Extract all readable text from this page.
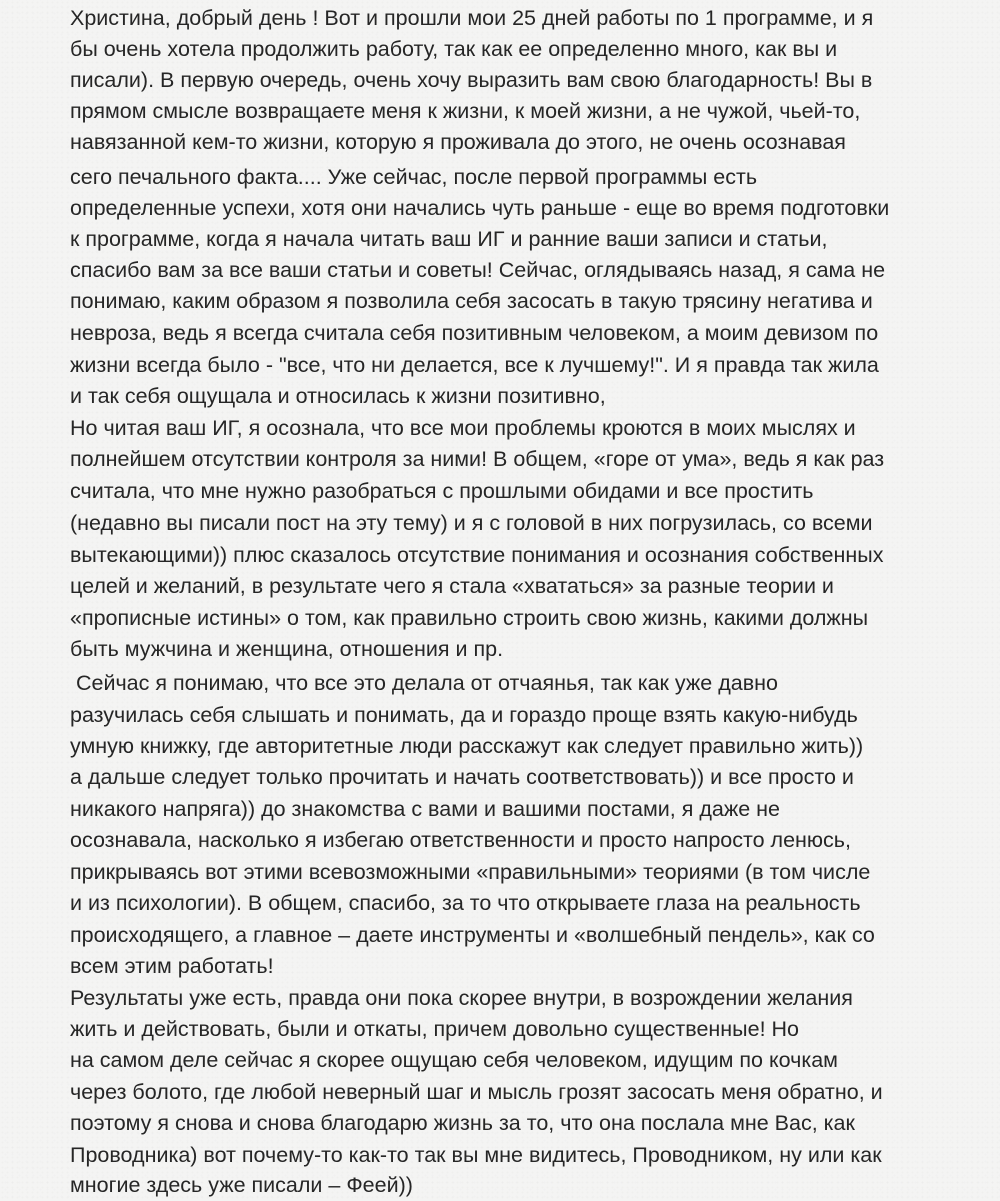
Христина, добрый день ! Вот и прошли мои 25 дней работы по 1 программе, и я
бы очень хотела продолжить работу, так как ее определенно много, как вы и
писали). В первую очередь, очень хочу выразить вам свою благодарность! Вы в
прямом смысле возвращаете меня к жизни, к моей жизни, а не чужой, чьей-то,
навязанной кем-то жизни, которую я проживала до этого, не очень осознавая
сего печального факта.... Уже сейчас, после первой программы есть
определенные успехи, хотя они начались чуть раньше - еще во время подготовки
к программе, когда я начала читать ваш ИГ и ранние ваши записи и статьи,
спасибо вам за все ваши статьи и советы! Сейчас, оглядываясь назад, я сама не
понимаю, каким образом я позволила себя засосать в такую трясину негатива и
невроза, ведь я всегда считала себя позитивным человеком, а моим девизом по
жизни всегда было - "все, что ни делается, все к лучшему!". И я правда так жила
и так себя ощущала и относилась к жизни позитивно,
Но читая ваш ИГ, я осознала, что все мои проблемы кроются в моих мыслях и
полнейшем отсутствии контроля за ними! В общем, «горе от ума», ведь я как раз
считала, что мне нужно разобраться с прошлыми обидами и все простить
(недавно вы писали пост на эту тему) и я с головой в них погрузилась, со всеми
вытекающими)) плюс сказалось отсутствие понимания и осознания собственных
целей и желаний, в результате чего я стала «хвататься» за разные теории и
«прописные истины» о том, как правильно строить свою жизнь, какими должны
быть мужчина и женщина, отношения и пр.
Сейчас я понимаю, что все это делала от отчаянья, так как уже давно
разучилась себя слышать и понимать, да и гораздо проще взять какую-нибудь
умную книжку, где авторитетные люди расскажут как следует правильно жить))
а дальше следует только прочитать и начать соответствовать)) и все просто и
никакого напряга)) до знакомства с вами и вашими постами, я даже не
осознавала, насколько я избегаю ответственности и просто напросто ленюсь,
прикрываясь вот этими всевозможными «правильными» теориями (в том числе
и из психологии). В общем, спасибо, за то что открываете глаза на реальность
происходящего, а главное – даете инструменты и «волшебный пендель», как со
всем этим работать!
Результаты уже есть, правда они пока скорее внутри, в возрождении желания
жить и действовать, были и откаты, причем довольно существенные! Но
на самом деле сейчас я скорее ощущаю себя человеком, идущим по кочкам
через болото, где любой неверный шаг и мысль грозят засосать меня обратно, и
поэтому я снова и снова благодарю жизнь за то, что она послала мне Вас, как
Проводника) вот почему-то как-то так вы мне видитесь, Проводником, ну или как
многие здесь уже писали – Феей))
